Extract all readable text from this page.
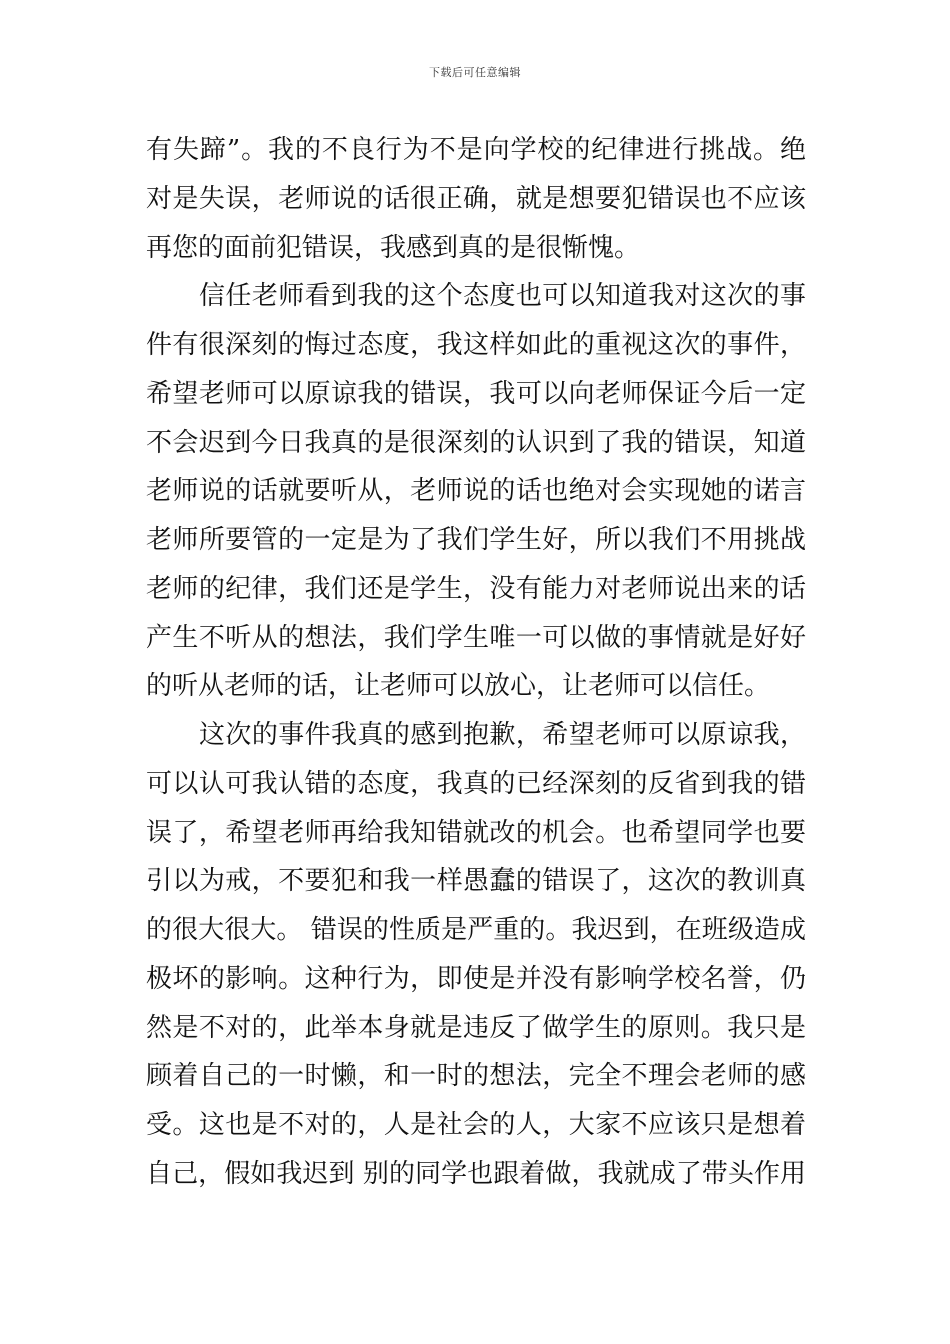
下载后可任意编辑
有失蹄”。我的不良行为不是向学校的纪律进行挑战。绝
对是失误，老师说的话很正确，就是想要犯错误也不应该
再您的面前犯错误，我感到真的是很惭愧。
信任老师看到我的这个态度也可以知道我对这次的事
件有很深刻的悔过态度，我这样如此的重视这次的事件，
希望老师可以原谅我的错误，我可以向老师保证今后一定
不会迟到今日我真的是很深刻的认识到了我的错误，知道
老师说的话就要听从，老师说的话也绝对会实现她的诺言
老师所要管的一定是为了我们学生好，所以我们不用挑战
老师的纪律，我们还是学生，没有能力对老师说出来的话
产生不听从的想法，我们学生唯一可以做的事情就是好好
的听从老师的话，让老师可以放心，让老师可以信任。
这次的事件我真的感到抱歉，希望老师可以原谅我，
可以认可我认错的态度，我真的已经深刻的反省到我的错
误了，希望老师再给我知错就改的机会。也希望同学也要
引以为戒，不要犯和我一样愚蠢的错误了，这次的教训真
的很大很大。 错误的性质是严重的。我迟到，在班级造成
极坏的影响。这种行为，即使是并没有影响学校名誉，仍
然是不对的，此举本身就是违反了做学生的原则。我只是
顾着自己的一时懒，和一时的想法，完全不理会老师的感
受。这也是不对的，人是社会的人，大家不应该只是想着
自己，假如我迟到 别的同学也跟着做，我就成了带头作用
